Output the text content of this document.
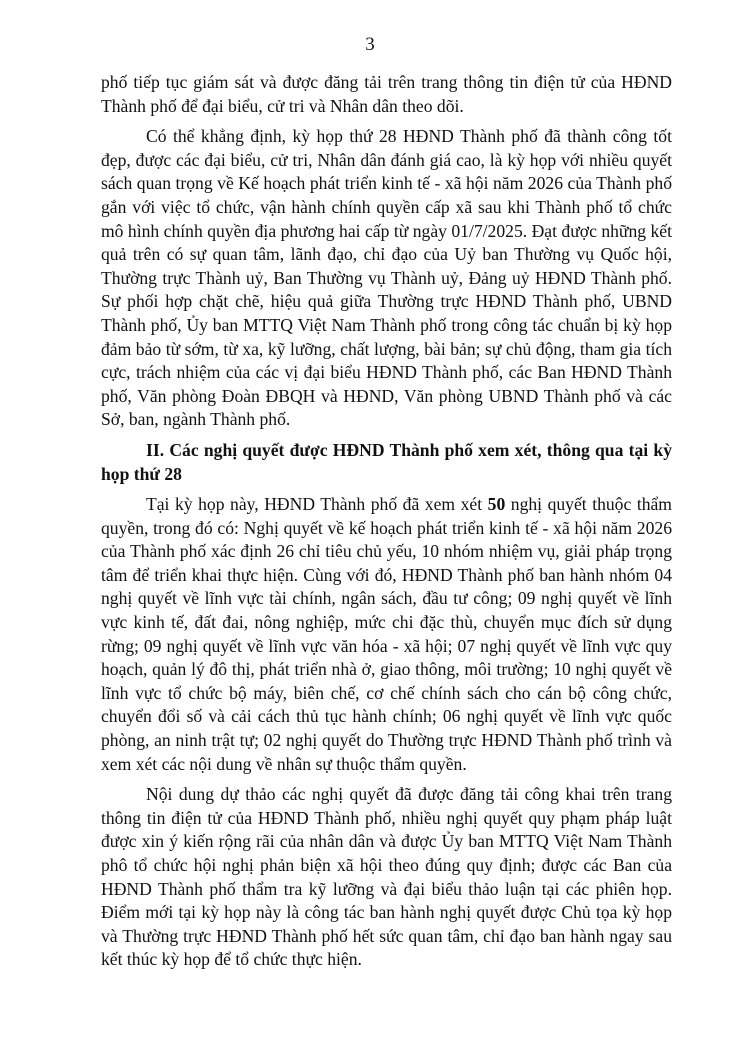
3

phố tiếp tục giám sát và được đăng tải trên trang thông tin điện tử của HĐND Thành phố để đại biểu, cử tri và Nhân dân theo dõi.

Có thể khẳng định, kỳ họp thứ 28 HĐND Thành phố đã thành công tốt đẹp, được các đại biểu, cử tri, Nhân dân đánh giá cao, là kỳ họp với nhiều quyết sách quan trọng về Kế hoạch phát triển kinh tế - xã hội năm 2026 của Thành phố gắn với việc tổ chức, vận hành chính quyền cấp xã sau khi Thành phố tổ chức mô hình chính quyền địa phương hai cấp từ ngày 01/7/2025. Đạt được những kết quả trên có sự quan tâm, lãnh đạo, chỉ đạo của Uỷ ban Thường vụ Quốc hội, Thường trực Thành uỷ, Ban Thường vụ Thành uỷ, Đảng uỷ HĐND Thành phố. Sự phối hợp chặt chẽ, hiệu quả giữa Thường trực HĐND Thành phố, UBND Thành phố, Ủy ban MTTQ Việt Nam Thành phố trong công tác chuẩn bị kỳ họp đảm bảo từ sớm, từ xa, kỹ lưỡng, chất lượng, bài bản; sự chủ động, tham gia tích cực, trách nhiệm của các vị đại biểu HĐND Thành phố, các Ban HĐND Thành phố, Văn phòng Đoàn ĐBQH và HĐND, Văn phòng UBND Thành phố và các Sở, ban, ngành Thành phố.

II. Các nghị quyết được HĐND Thành phố xem xét, thông qua tại kỳ họp thứ 28

Tại kỳ họp này, HĐND Thành phố đã xem xét 50 nghị quyết thuộc thẩm quyền, trong đó có: Nghị quyết về kế hoạch phát triển kinh tế - xã hội năm 2026 của Thành phố xác định 26 chỉ tiêu chủ yếu, 10 nhóm nhiệm vụ, giải pháp trọng tâm để triển khai thực hiện. Cùng với đó, HĐND Thành phố ban hành nhóm 04 nghị quyết về lĩnh vực tài chính, ngân sách, đầu tư công; 09 nghị quyết về lĩnh vực kinh tế, đất đai, nông nghiệp, mức chi đặc thù, chuyển mục đích sử dụng rừng; 09 nghị quyết về lĩnh vực văn hóa - xã hội; 07 nghị quyết về lĩnh vực quy hoạch, quản lý đô thị, phát triển nhà ở, giao thông, môi trường; 10 nghị quyết về lĩnh vực tổ chức bộ máy, biên chế, cơ chế chính sách cho cán bộ công chức, chuyển đổi số và cải cách thủ tục hành chính; 06 nghị quyết về lĩnh vực quốc phòng, an ninh trật tự; 02 nghị quyết do Thường trực HĐND Thành phố trình và xem xét các nội dung về nhân sự thuộc thẩm quyền.

Nội dung dự thảo các nghị quyết đã được đăng tải công khai trên trang thông tin điện tử của HĐND Thành phố, nhiều nghị quyết quy phạm pháp luật được xin ý kiến rộng rãi của nhân dân và được Ủy ban MTTQ Việt Nam Thành phô tổ chức hội nghị phản biện xã hội theo đúng quy định; được các Ban của HĐND Thành phố thẩm tra kỹ lưỡng và đại biểu thảo luận tại các phiên họp. Điểm mới tại kỳ họp này là công tác ban hành nghị quyết được Chủ tọa kỳ họp và Thường trực HĐND Thành phố hết sức quan tâm, chỉ đạo ban hành ngay sau kết thúc kỳ họp để tổ chức thực hiện.
